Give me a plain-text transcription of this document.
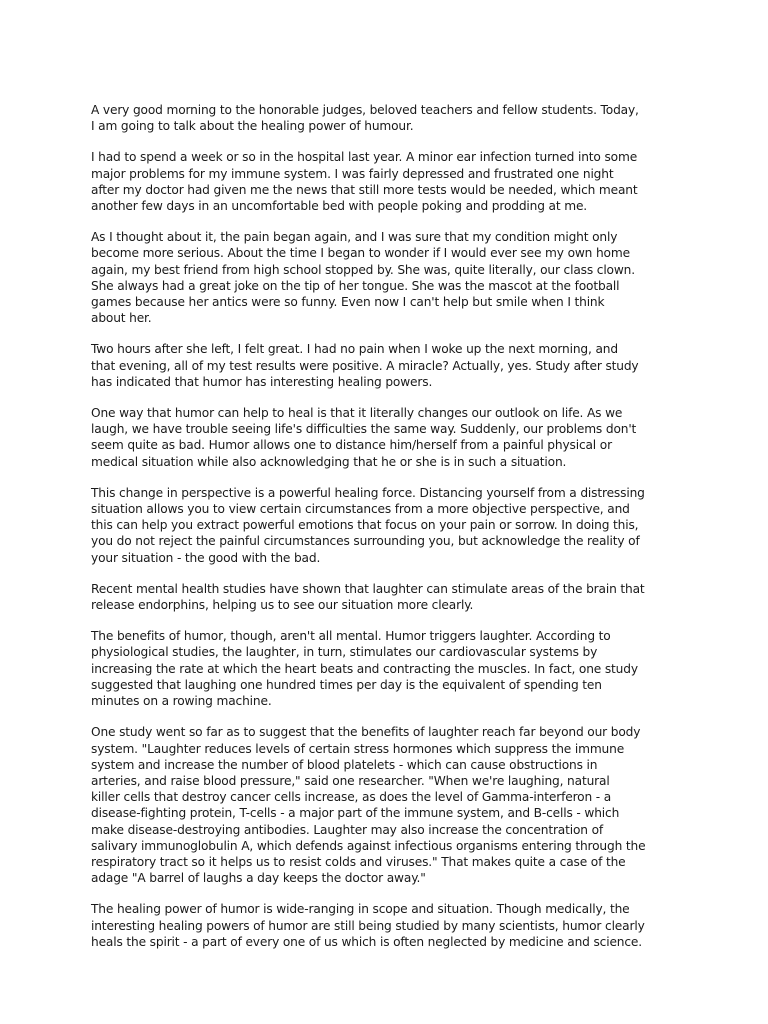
A very good morning to the honorable judges, beloved teachers and fellow students. Today,
I am going to talk about the healing power of humour.

I had to spend a week or so in the hospital last year. A minor ear infection turned into some
major problems for my immune system. I was fairly depressed and frustrated one night
after my doctor had given me the news that still more tests would be needed, which meant
another few days in an uncomfortable bed with people poking and prodding at me.

As I thought about it, the pain began again, and I was sure that my condition might only
become more serious. About the time I began to wonder if I would ever see my own home
again, my best friend from high school stopped by. She was, quite literally, our class clown.
She always had a great joke on the tip of her tongue. She was the mascot at the football
games because her antics were so funny. Even now I can't help but smile when I think
about her.

Two hours after she left, I felt great. I had no pain when I woke up the next morning, and
that evening, all of my test results were positive. A miracle? Actually, yes. Study after study
has indicated that humor has interesting healing powers.

One way that humor can help to heal is that it literally changes our outlook on life. As we
laugh, we have trouble seeing life's difficulties the same way. Suddenly, our problems don't
seem quite as bad. Humor allows one to distance him/herself from a painful physical or
medical situation while also acknowledging that he or she is in such a situation.

This change in perspective is a powerful healing force. Distancing yourself from a distressing
situation allows you to view certain circumstances from a more objective perspective, and
this can help you extract powerful emotions that focus on your pain or sorrow. In doing this,
you do not reject the painful circumstances surrounding you, but acknowledge the reality of
your situation - the good with the bad.

Recent mental health studies have shown that laughter can stimulate areas of the brain that
release endorphins, helping us to see our situation more clearly.

The benefits of humor, though, aren't all mental. Humor triggers laughter. According to
physiological studies, the laughter, in turn, stimulates our cardiovascular systems by
increasing the rate at which the heart beats and contracting the muscles. In fact, one study
suggested that laughing one hundred times per day is the equivalent of spending ten
minutes on a rowing machine.

One study went so far as to suggest that the benefits of laughter reach far beyond our body
system. "Laughter reduces levels of certain stress hormones which suppress the immune
system and increase the number of blood platelets - which can cause obstructions in
arteries, and raise blood pressure," said one researcher. "When we're laughing, natural
killer cells that destroy cancer cells increase, as does the level of Gamma-interferon - a
disease-fighting protein, T-cells - a major part of the immune system, and B-cells - which
make disease-destroying antibodies. Laughter may also increase the concentration of
salivary immunoglobulin A, which defends against infectious organisms entering through the
respiratory tract so it helps us to resist colds and viruses." That makes quite a case of the
adage "A barrel of laughs a day keeps the doctor away."

The healing power of humor is wide-ranging in scope and situation. Though medically, the
interesting healing powers of humor are still being studied by many scientists, humor clearly
heals the spirit - a part of every one of us which is often neglected by medicine and science.
